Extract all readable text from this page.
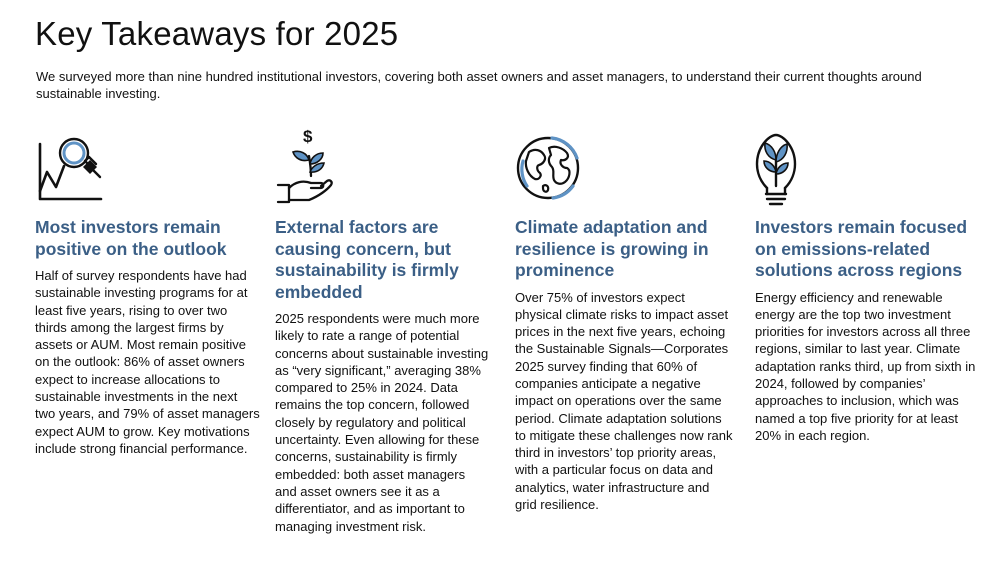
Key Takeaways for 2025

We surveyed more than nine hundred institutional investors, covering both asset owners and asset managers, to understand their current thoughts around sustainable investing.

Most investors remain positive on the outlook

Half of survey respondents have had sustainable investing programs for at least five years, rising to over two thirds among the largest firms by assets or AUM. Most remain positive on the outlook: 86% of asset owners expect to increase allocations to sustainable investments in the next two years, and 79% of asset managers expect AUM to grow. Key motivations include strong financial performance.

$
External factors are causing concern, but sustainability is firmly embedded

2025 respondents were much more likely to rate a range of potential concerns about sustainable investing as “very significant,” averaging 38% compared to 25% in 2024. Data remains the top concern, followed closely by regulatory and political uncertainty. Even allowing for these concerns, sustainability is firmly embedded: both asset managers and asset owners see it as a differentiator, and as important to managing investment risk.

Climate adaptation and resilience is growing in prominence

Over 75% of investors expect physical climate risks to impact asset prices in the next five years, echoing the Sustainable Signals—Corporates 2025 survey finding that 60% of companies anticipate a negative impact on operations over the same period. Climate adaptation solutions to mitigate these challenges now rank third in investors’ top priority areas, with a particular focus on data and analytics, water infrastructure and grid resilience.

Investors remain focused on emissions-related solutions across regions

Energy efficiency and renewable energy are the top two investment priorities for investors across all three regions, similar to last year. Climate adaptation ranks third, up from sixth in 2024, followed by companies’ approaches to inclusion, which was named a top five priority for at least 20% in each region.
